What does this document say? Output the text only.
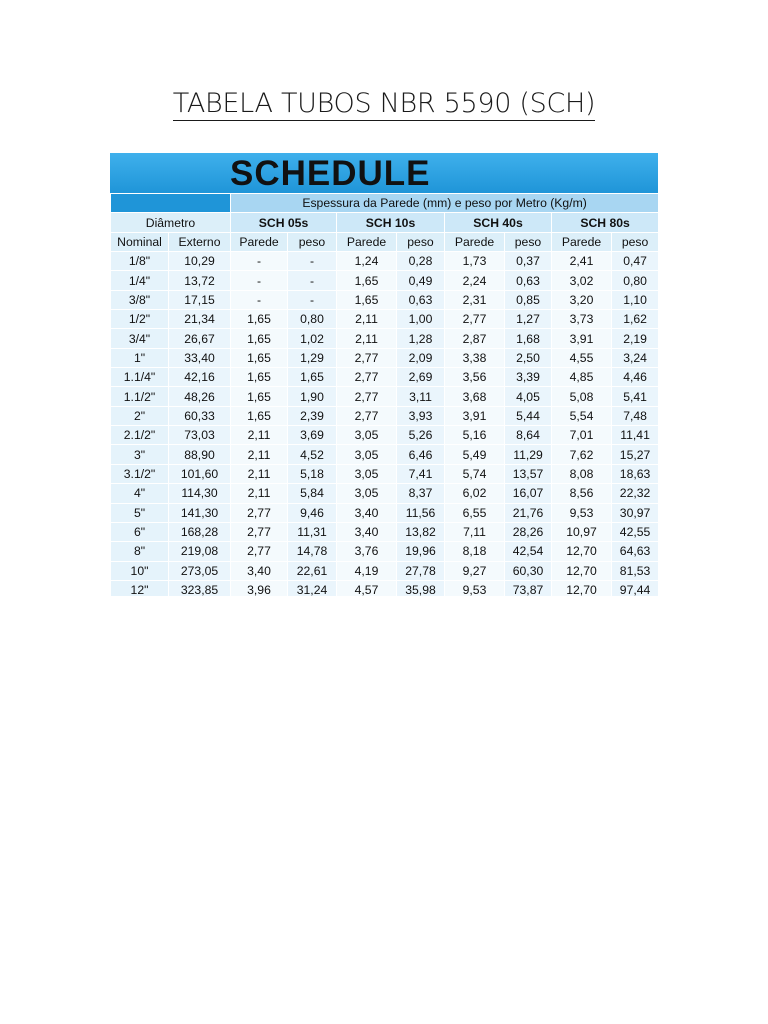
TABELA TUBOS NBR 5590 (SCH)
SCHEDULE
		Espessura da Parede (mm) e peso por Metro (Kg/m)							
Diâmetro		SCH 05s		SCH 10s		SCH 40s		SCH 80s	
Nominal	Externo	Parede	peso	Parede	peso	Parede	peso	Parede	peso
1/8"	10,29	-	-	1,24	0,28	1,73	0,37	2,41	0,47
1/4"	13,72	-	-	1,65	0,49	2,24	0,63	3,02	0,80
3/8"	17,15	-	-	1,65	0,63	2,31	0,85	3,20	1,10
1/2"	21,34	1,65	0,80	2,11	1,00	2,77	1,27	3,73	1,62
3/4"	26,67	1,65	1,02	2,11	1,28	2,87	1,68	3,91	2,19
1"	33,40	1,65	1,29	2,77	2,09	3,38	2,50	4,55	3,24
1.1/4"	42,16	1,65	1,65	2,77	2,69	3,56	3,39	4,85	4,46
1.1/2"	48,26	1,65	1,90	2,77	3,11	3,68	4,05	5,08	5,41
2"	60,33	1,65	2,39	2,77	3,93	3,91	5,44	5,54	7,48
2.1/2"	73,03	2,11	3,69	3,05	5,26	5,16	8,64	7,01	11,41
3"	88,90	2,11	4,52	3,05	6,46	5,49	11,29	7,62	15,27
3.1/2"	101,60	2,11	5,18	3,05	7,41	5,74	13,57	8,08	18,63
4"	114,30	2,11	5,84	3,05	8,37	6,02	16,07	8,56	22,32
5"	141,30	2,77	9,46	3,40	11,56	6,55	21,76	9,53	30,97
6"	168,28	2,77	11,31	3,40	13,82	7,11	28,26	10,97	42,55
8"	219,08	2,77	14,78	3,76	19,96	8,18	42,54	12,70	64,63
10"	273,05	3,40	22,61	4,19	27,78	9,27	60,30	12,70	81,53
12"	323,85	3,96	31,24	4,57	35,98	9,53	73,87	12,70	97,44
